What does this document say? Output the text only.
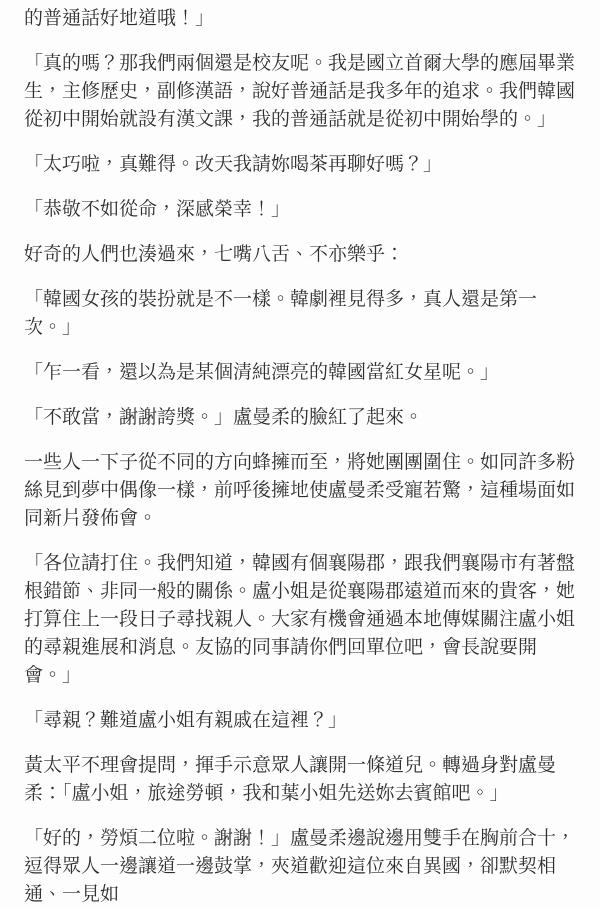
的普通話好地道哦！」

「真的嗎？那我們兩個還是校友呢。我是國立首爾大學的應屆畢業生，主修歷史，副修漢語，說好普通話是我多年的追求。我們韓國從初中開始就設有漢文課，我的普通話就是從初中開始學的。」

「太巧啦，真難得。改天我請妳喝茶再聊好嗎？」

「恭敬不如從命，深感榮幸！」

好奇的人們也湊過來，七嘴八舌、不亦樂乎：

「韓國女孩的裝扮就是不一樣。韓劇裡見得多，真人還是第一次。」

「乍一看，還以為是某個清純漂亮的韓國當紅女星呢。」

「不敢當，謝謝誇獎。」盧曼柔的臉紅了起來。

一些人一下子從不同的方向蜂擁而至，將她團團圍住。如同許多粉絲見到夢中偶像一樣，前呼後擁地使盧曼柔受寵若驚，這種場面如同新片發佈會。

「各位請打住。我們知道，韓國有個襄陽郡，跟我們襄陽市有著盤根錯節、非同一般的關係。盧小姐是從襄陽郡遠道而來的貴客，她打算住上一段日子尋找親人。大家有機會通過本地傳媒關注盧小姐的尋親進展和消息。友協的同事請你們回單位吧，會長說要開會。」

「尋親？難道盧小姐有親戚在這裡？」

黃太平不理會提問，揮手示意眾人讓開一條道兒。轉過身對盧曼柔：「盧小姐，旅途勞頓，我和葉小姐先送妳去賓館吧。」

「好的，勞煩二位啦。謝謝！」盧曼柔邊說邊用雙手在胸前合十，逗得眾人一邊讓道一邊鼓掌，夾道歡迎這位來自異國，卻默契相通、一見如
